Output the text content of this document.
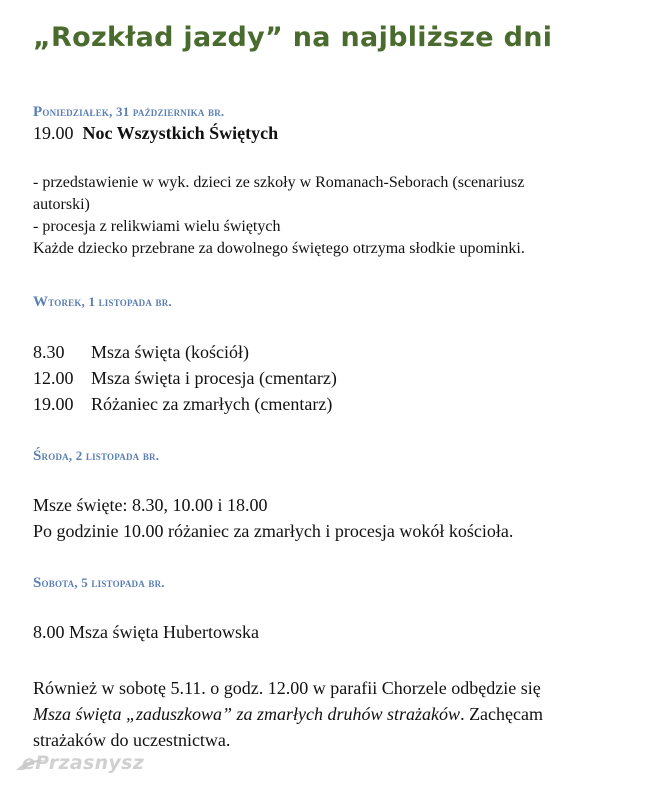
„Rozkład jazdy” na najbliższe dni
Poniedziałek, 31 października br.
19.00 Noc Wszystkich Świętych
- przedstawienie w wyk. dzieci ze szkoły w Romanach-Seborach (scenariusz
autorski)
- procesja z relikwiami wielu świętych
Każde dziecko przebrane za dowolnego świętego otrzyma słodkie upominki.
Wtorek, 1 listopada br.
8.30 Msza święta (kościół)
12.00 Msza święta i procesja (cmentarz)
19.00 Różaniec za zmarłych (cmentarz)
Środa, 2 listopada br.
Msze święte: 8.30, 10.00 i 18.00
Po godzinie 10.00 różaniec za zmarłych i procesja wokół kościoła.
Sobota, 5 listopada br.
8.00 Msza święta Hubertowska
Również w sobotę 5.11. o godz. 12.00 w parafii Chorzele odbędzie się
Msza święta „zaduszkowa” za zmarłych druhów strażaków. Zachęcam
strażaków do uczestnictwa.
ePrzasnysz
